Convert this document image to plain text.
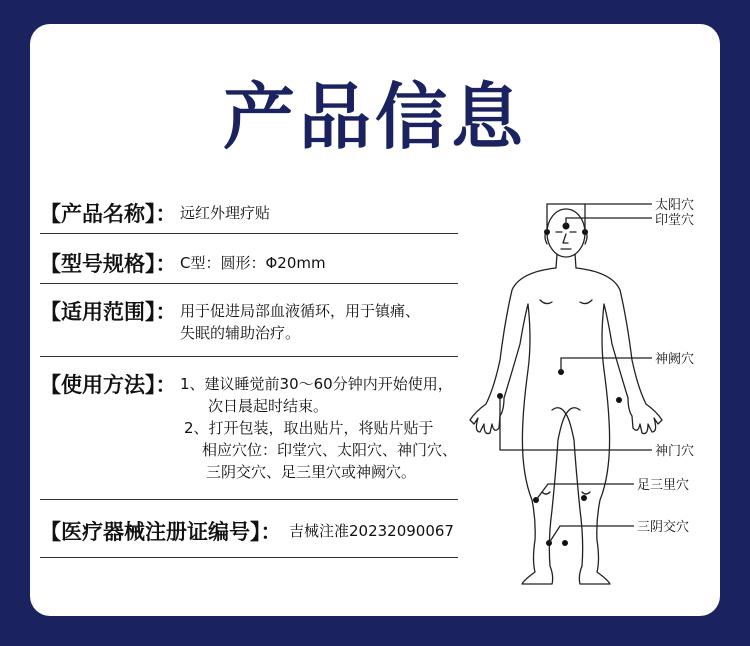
产品信息
【产品名称】： 远红外理疗贴
【型号规格】： C型：圆形：Φ20mm
【适用范围】： 用于促进局部血液循环，用于镇痛、
失眠的辅助治疗。
【使用方法】： 1、建议睡觉前30～60分钟内开始使用，
次日晨起时结束。
2、打开包装，取出贴片，将贴片贴于
相应穴位：印堂穴、太阳穴、神门穴、
三阴交穴、足三里穴或神阙穴。
【医疗器械注册证编号】： 吉械注准20232090067
太阳穴
印堂穴
神阙穴
神门穴
足三里穴
三阴交穴
